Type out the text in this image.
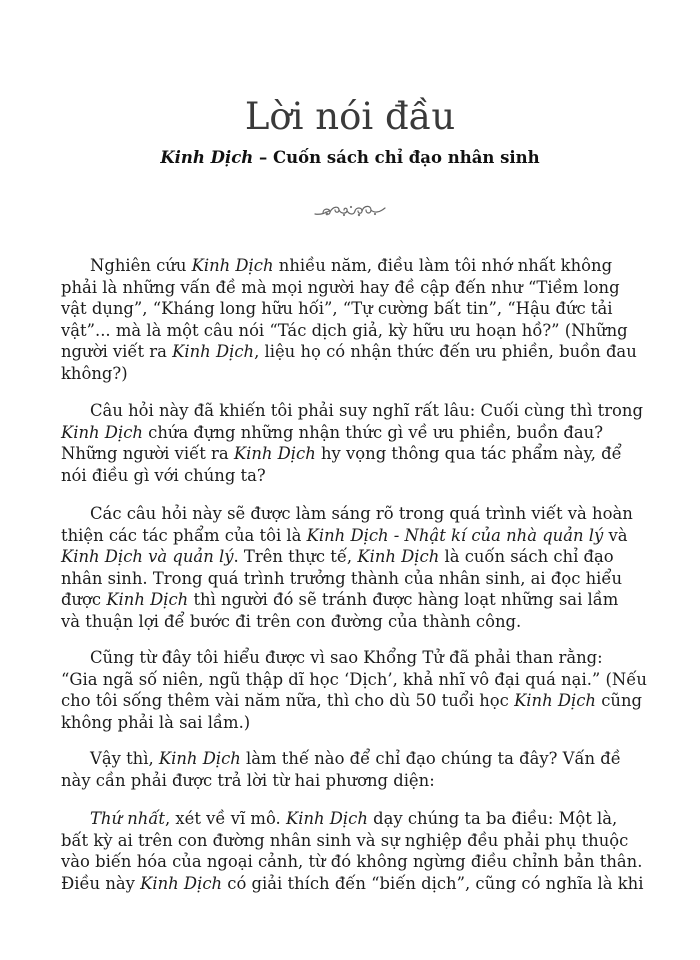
Lời nói đầu
Kinh Dịch – Cuốn sách chỉ đạo nhân sinh
Nghiên cứu Kinh Dịch nhiều năm, điều làm tôi nhớ nhất không
phải là những vấn đề mà mọi người hay đề cập đến như “Tiềm long
vật dụng”, “Kháng long hữu hối”, “Tự cường bất tin”, “Hậu đức tải
vật”... mà là một câu nói “Tác dịch giả, kỳ hữu ưu hoạn hồ?” (Những
người viết ra Kinh Dịch, liệu họ có nhận thức đến ưu phiền, buồn đau
không?)
Câu hỏi này đã khiến tôi phải suy nghĩ rất lâu: Cuối cùng thì trong
Kinh Dịch chứa đựng những nhận thức gì về ưu phiền, buồn đau?
Những người viết ra Kinh Dịch hy vọng thông qua tác phẩm này, để
nói điều gì với chúng ta?
Các câu hỏi này sẽ được làm sáng rõ trong quá trình viết và hoàn
thiện các tác phẩm của tôi là Kinh Dịch - Nhật kí của nhà quản lý và
Kinh Dịch và quản lý. Trên thực tế, Kinh Dịch là cuốn sách chỉ đạo
nhân sinh. Trong quá trình trưởng thành của nhân sinh, ai đọc hiểu
được Kinh Dịch thì người đó sẽ tránh được hàng loạt những sai lầm
và thuận lợi để bước đi trên con đường của thành công.
Cũng từ đây tôi hiểu được vì sao Khổng Tử đã phải than rằng:
“Gia ngã số niên, ngũ thập dĩ học ‘Dịch’, khả nhĩ vô đại quá nại.” (Nếu
cho tôi sống thêm vài năm nữa, thì cho dù 50 tuổi học Kinh Dịch cũng
không phải là sai lầm.)
Vậy thì, Kinh Dịch làm thế nào để chỉ đạo chúng ta đây? Vấn đề
này cần phải được trả lời từ hai phương diện:
Thứ nhất, xét về vĩ mô. Kinh Dịch dạy chúng ta ba điều: Một là,
bất kỳ ai trên con đường nhân sinh và sự nghiệp đều phải phụ thuộc
vào biến hóa của ngoại cảnh, từ đó không ngừng điều chỉnh bản thân.
Điều này Kinh Dịch có giải thích đến “biến dịch”, cũng có nghĩa là khi
